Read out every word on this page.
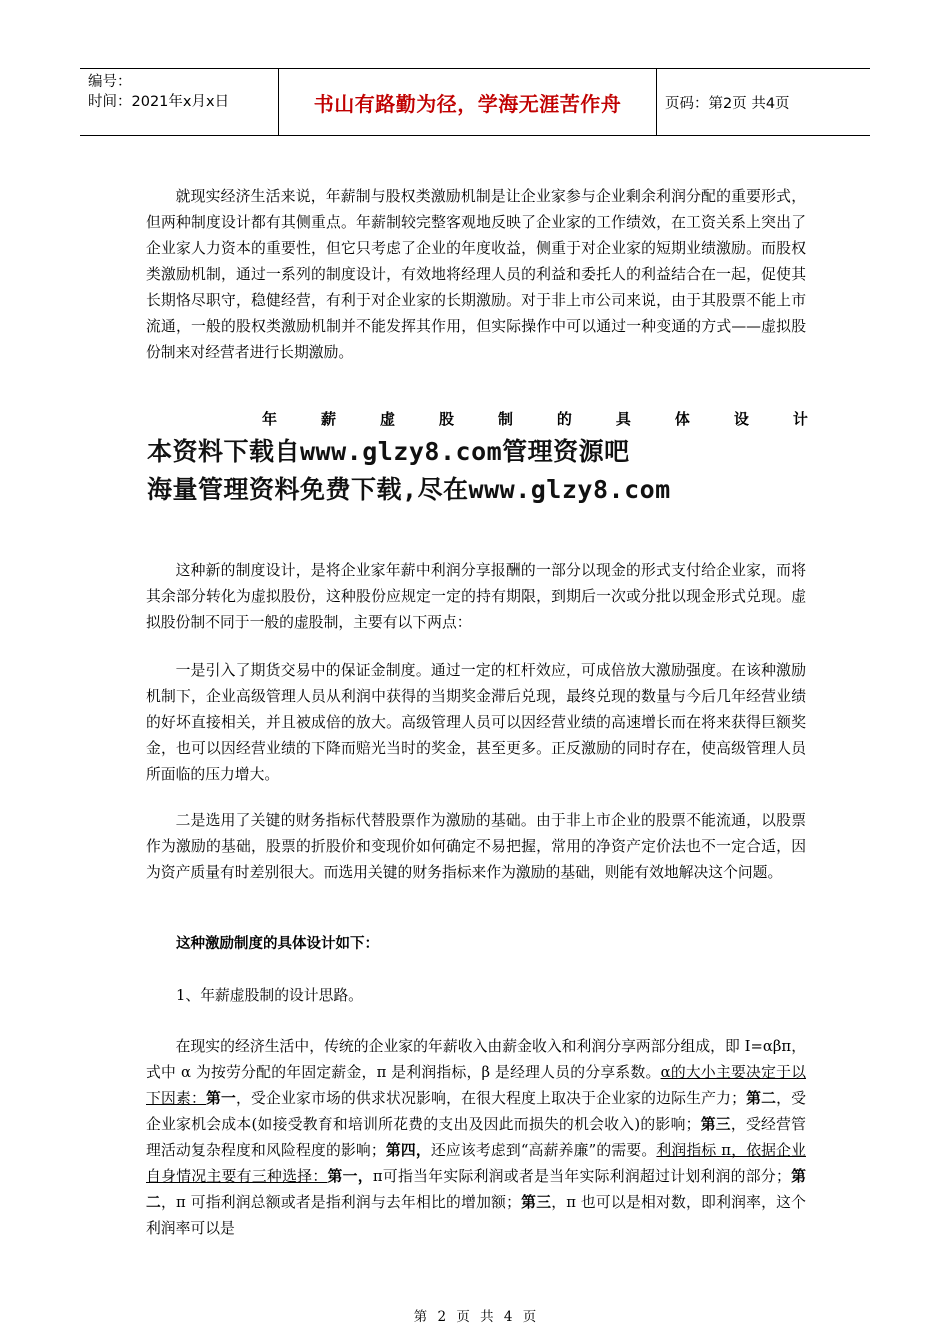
编号：
时间：2021年x月x日	书山有路勤为径，学海无涯苦作舟	页码：第2页 共4页

就现实经济生活来说，年薪制与股权类激励机制是让企业家参与企业剩余利润分配的重要形式，但两种制度设计都有其侧重点。年薪制较完整客观地反映了企业家的工作绩效，在工资关系上突出了企业家人力资本的重要性，但它只考虑了企业的年度收益，侧重于对企业家的短期业绩激励。而股权类激励机制，通过一系列的制度设计，有效地将经理人员的利益和委托人的利益结合在一起，促使其长期恪尽职守，稳健经营，有利于对企业家的长期激励。对于非上市公司来说，由于其股票不能上市流通，一般的股权类激励机制并不能发挥其作用，但实际操作中可以通过一种变通的方式——虚拟股份制来对经营者进行长期激励。

年	薪	虚	股	制	的	具	体	设	计
本资料下载自www.glzy8.com管理资源吧
海量管理资料免费下载,尽在www.glzy8.com

这种新的制度设计，是将企业家年薪中利润分享报酬的一部分以现金的形式支付给企业家，而将其余部分转化为虚拟股份，这种股份应规定一定的持有期限，到期后一次或分批以现金形式兑现。虚拟股份制不同于一般的虚股制，主要有以下两点：

一是引入了期货交易中的保证金制度。通过一定的杠杆效应，可成倍放大激励强度。在该种激励机制下，企业高级管理人员从利润中获得的当期奖金滞后兑现，最终兑现的数量与今后几年经营业绩的好坏直接相关，并且被成倍的放大。高级管理人员可以因经营业绩的高速增长而在将来获得巨额奖金，也可以因经营业绩的下降而赔光当时的奖金，甚至更多。正反激励的同时存在，使高级管理人员所面临的压力增大。

二是选用了关键的财务指标代替股票作为激励的基础。由于非上市企业的股票不能流通，以股票作为激励的基础，股票的折股价和变现价如何确定不易把握，常用的净资产定价法也不一定合适，因为资产质量有时差别很大。而选用关键的财务指标来作为激励的基础，则能有效地解决这个问题。

这种激励制度的具体设计如下：
1、年薪虚股制的设计思路。

在现实的经济生活中，传统的企业家的年薪收入由薪金收入和利润分享两部分组成，即 I=αβπ，式中 α 为按劳分配的年固定薪金，π 是利润指标，β 是经理人员的分享系数。α的大小主要决定于以下因素：第一，受企业家市场的供求状况影响，在很大程度上取决于企业家的边际生产力；第二，受企业家机会成本(如接受教育和培训所花费的支出及因此而损失的机会收入)的影响；第三，受经营管理活动复杂程度和风险程度的影响；第四，还应该考虑到“高薪养廉”的需要。利润指标 π，依据企业自身情况主要有三种选择：第一，π可指当年实际利润或者是当年实际利润超过计划利润的部分；第二，π 可指利润总额或者是指利润与去年相比的增加额；第三，π 也可以是相对数，即利润率，这个利润率可以是

第 2 页 共 4 页
